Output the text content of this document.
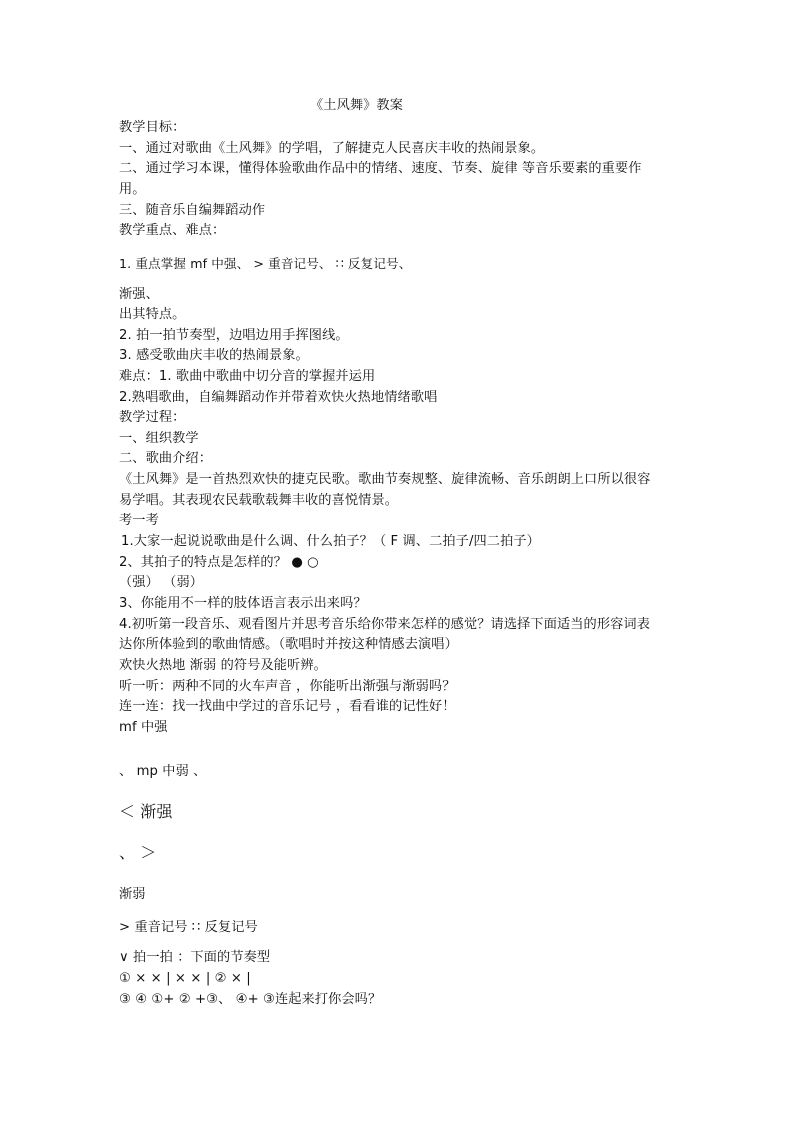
《土风舞》教案
教学目标：
一、通过对歌曲《土风舞》的学唱，了解捷克人民喜庆丰收的热闹景象。
二、通过学习本课，懂得体验歌曲作品中的情绪、速度、节奏、旋律 等音乐要素的重要作
用。
三、随音乐自编舞蹈动作
教学重点、难点：
1. 重点掌握 mf 中强、 > 重音记号、 ∷ 反复记号、
渐强、
出其特点。
2. 拍一拍节奏型，边唱边用手挥图线。
3. 感受歌曲庆丰收的热闹景象。
难点：1. 歌曲中歌曲中切分音的掌握并运用
2.熟唱歌曲，自编舞蹈动作并带着欢快火热地情绪歌唱
教学过程：
一、组织教学
二、歌曲介绍：
《土风舞》是一首热烈欢快的捷克民歌。歌曲节奏规整、旋律流畅、音乐朗朗上口所以很容
易学唱。其表现农民载歌载舞丰收的喜悦情景。
考一考
1.大家一起说说歌曲是什么调、什么拍子？（ F 调、二拍子/四二拍子）
2、其拍子的特点是怎样的？ ● ○
（强） （弱）
3、你能用不一样的肢体语言表示出来吗？
4.初听第一段音乐、观看图片并思考音乐给你带来怎样的感觉？请选择下面适当的形容词表
达你所体验到的歌曲情感。（歌唱时并按这种情感去演唱）
欢快火热地 渐弱 的符号及能听辨。
听一听：两种不同的火车声音 ，你能听出渐强与渐弱吗？
连一连：找一找曲中学过的音乐记号 ，看看谁的记性好！
mf 中强
、 mp 中弱 、
＜ 渐强
、 ＞
渐弱
> 重音记号 ∷ 反复记号
∨ 拍一拍 ：下面的节奏型
① × × | × × | ② × |
③ ④ ①+ ② +③、 ④+ ③连起来打你会吗？
